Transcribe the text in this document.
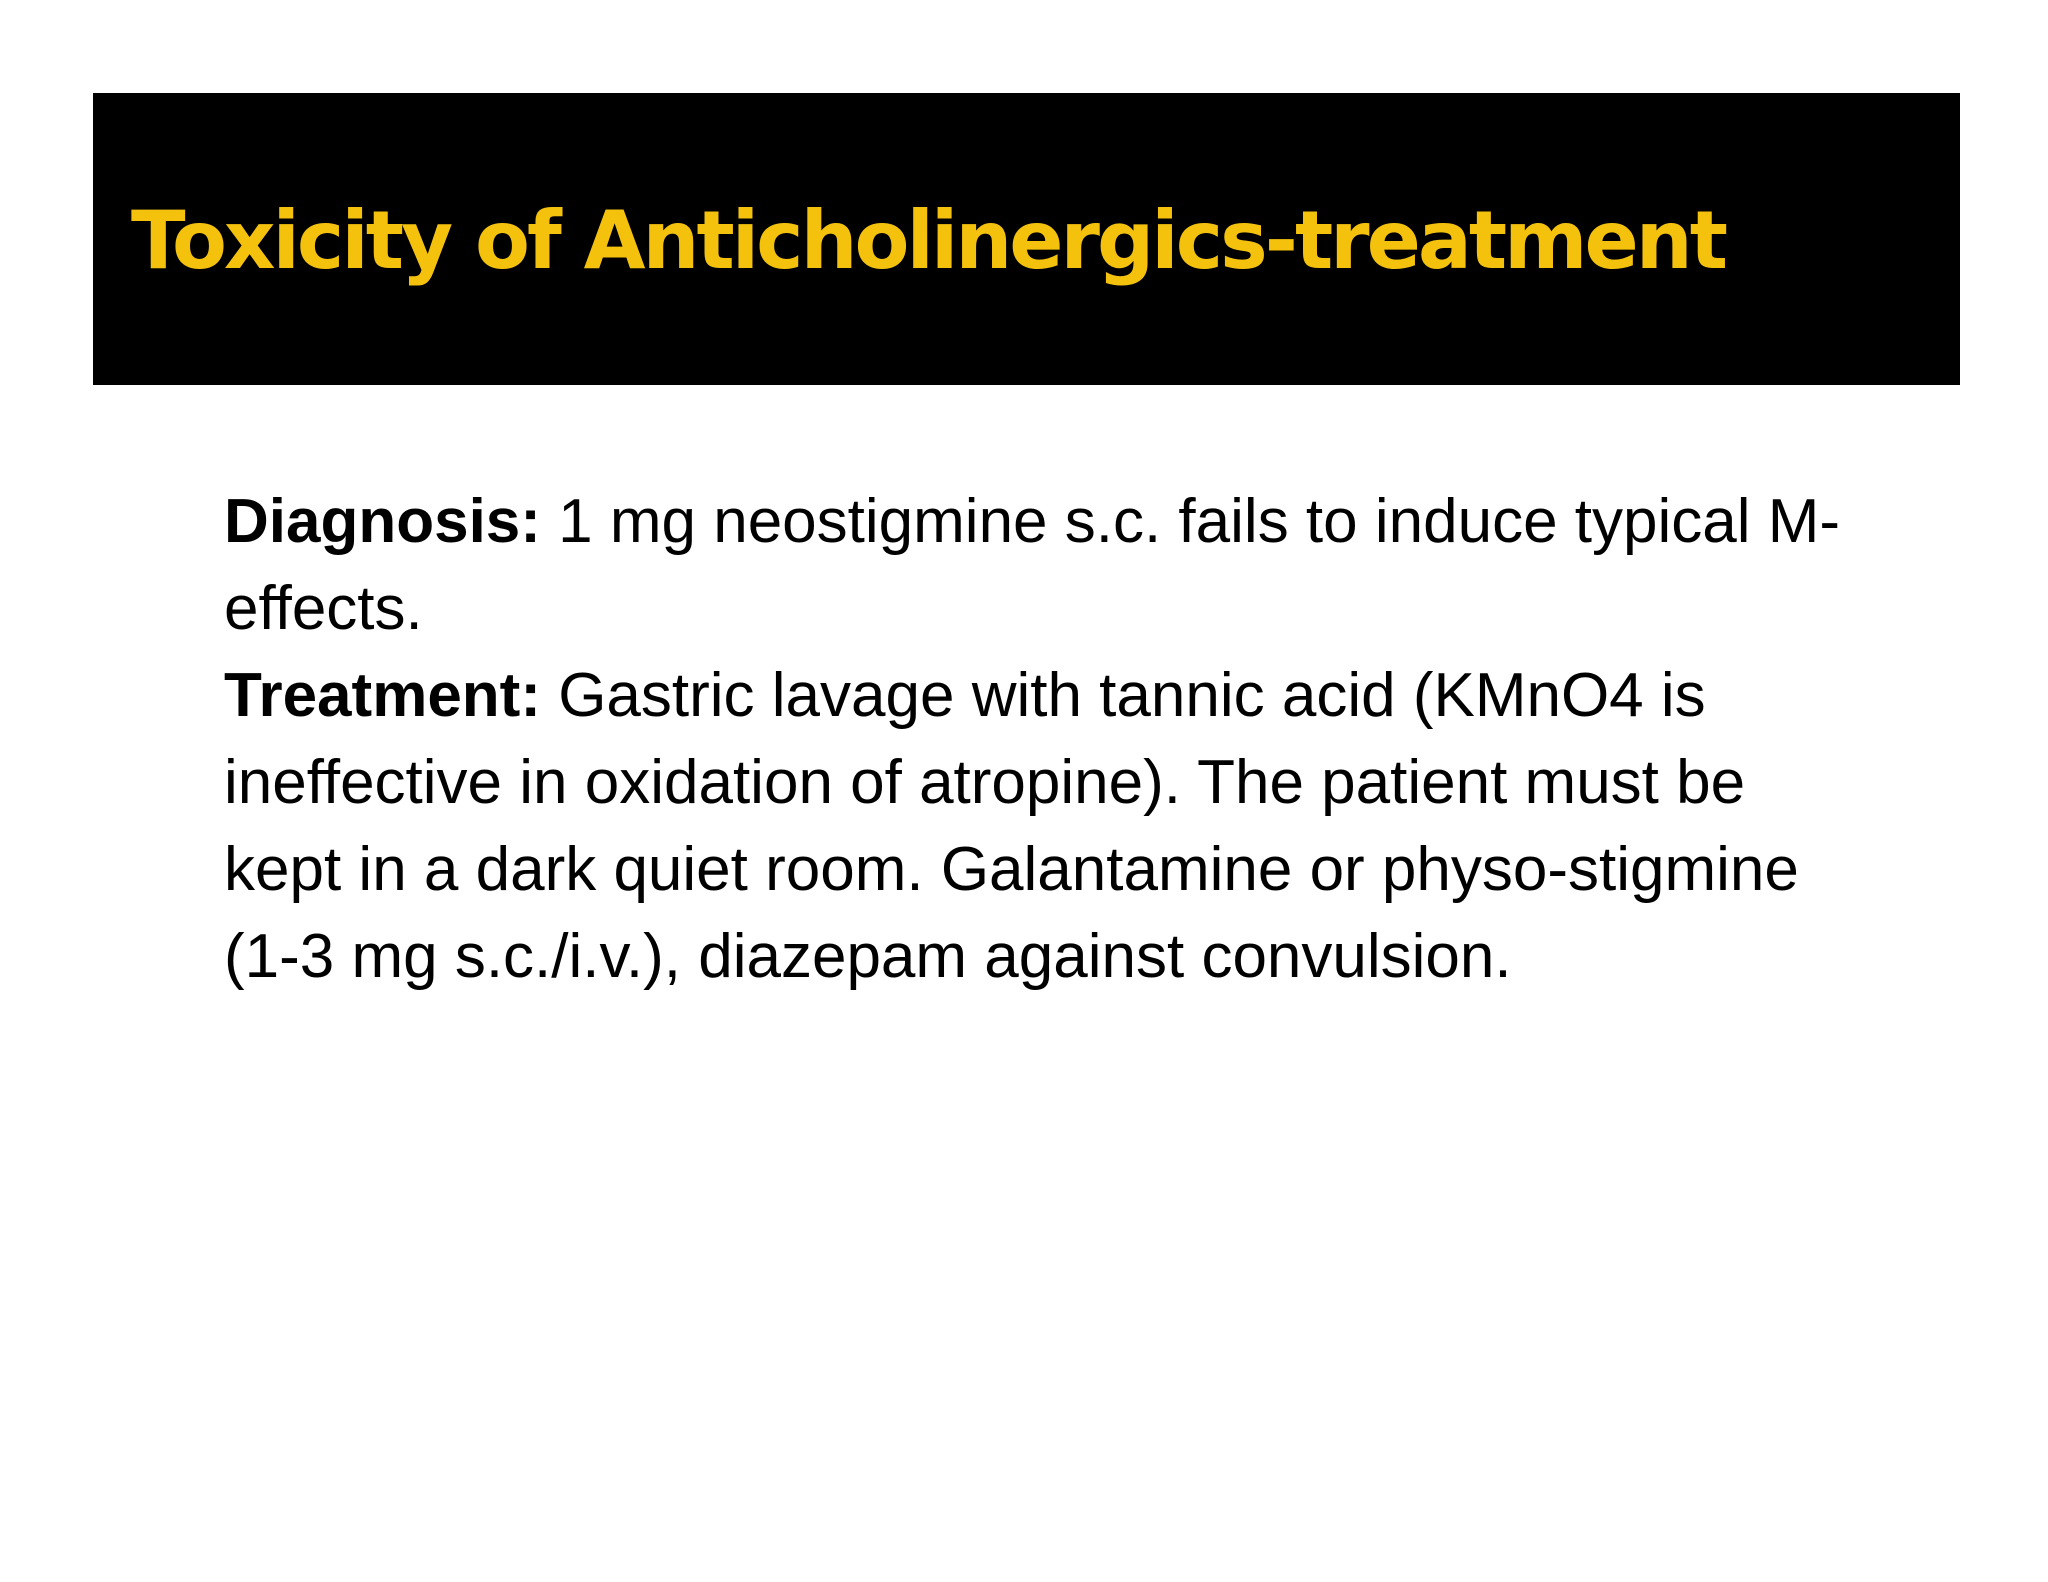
Toxicity of Anticholinergics-treatment

Diagnosis: 1 mg neostigmine s.c. fails to induce typical M-effects.

Treatment: Gastric lavage with tannic acid (KMnO4 is ineffective in oxidation of atropine). The patient must be kept in a dark quiet room. Galantamine or physo-stigmine (1-3 mg s.c./i.v.), diazepam against convulsion.
